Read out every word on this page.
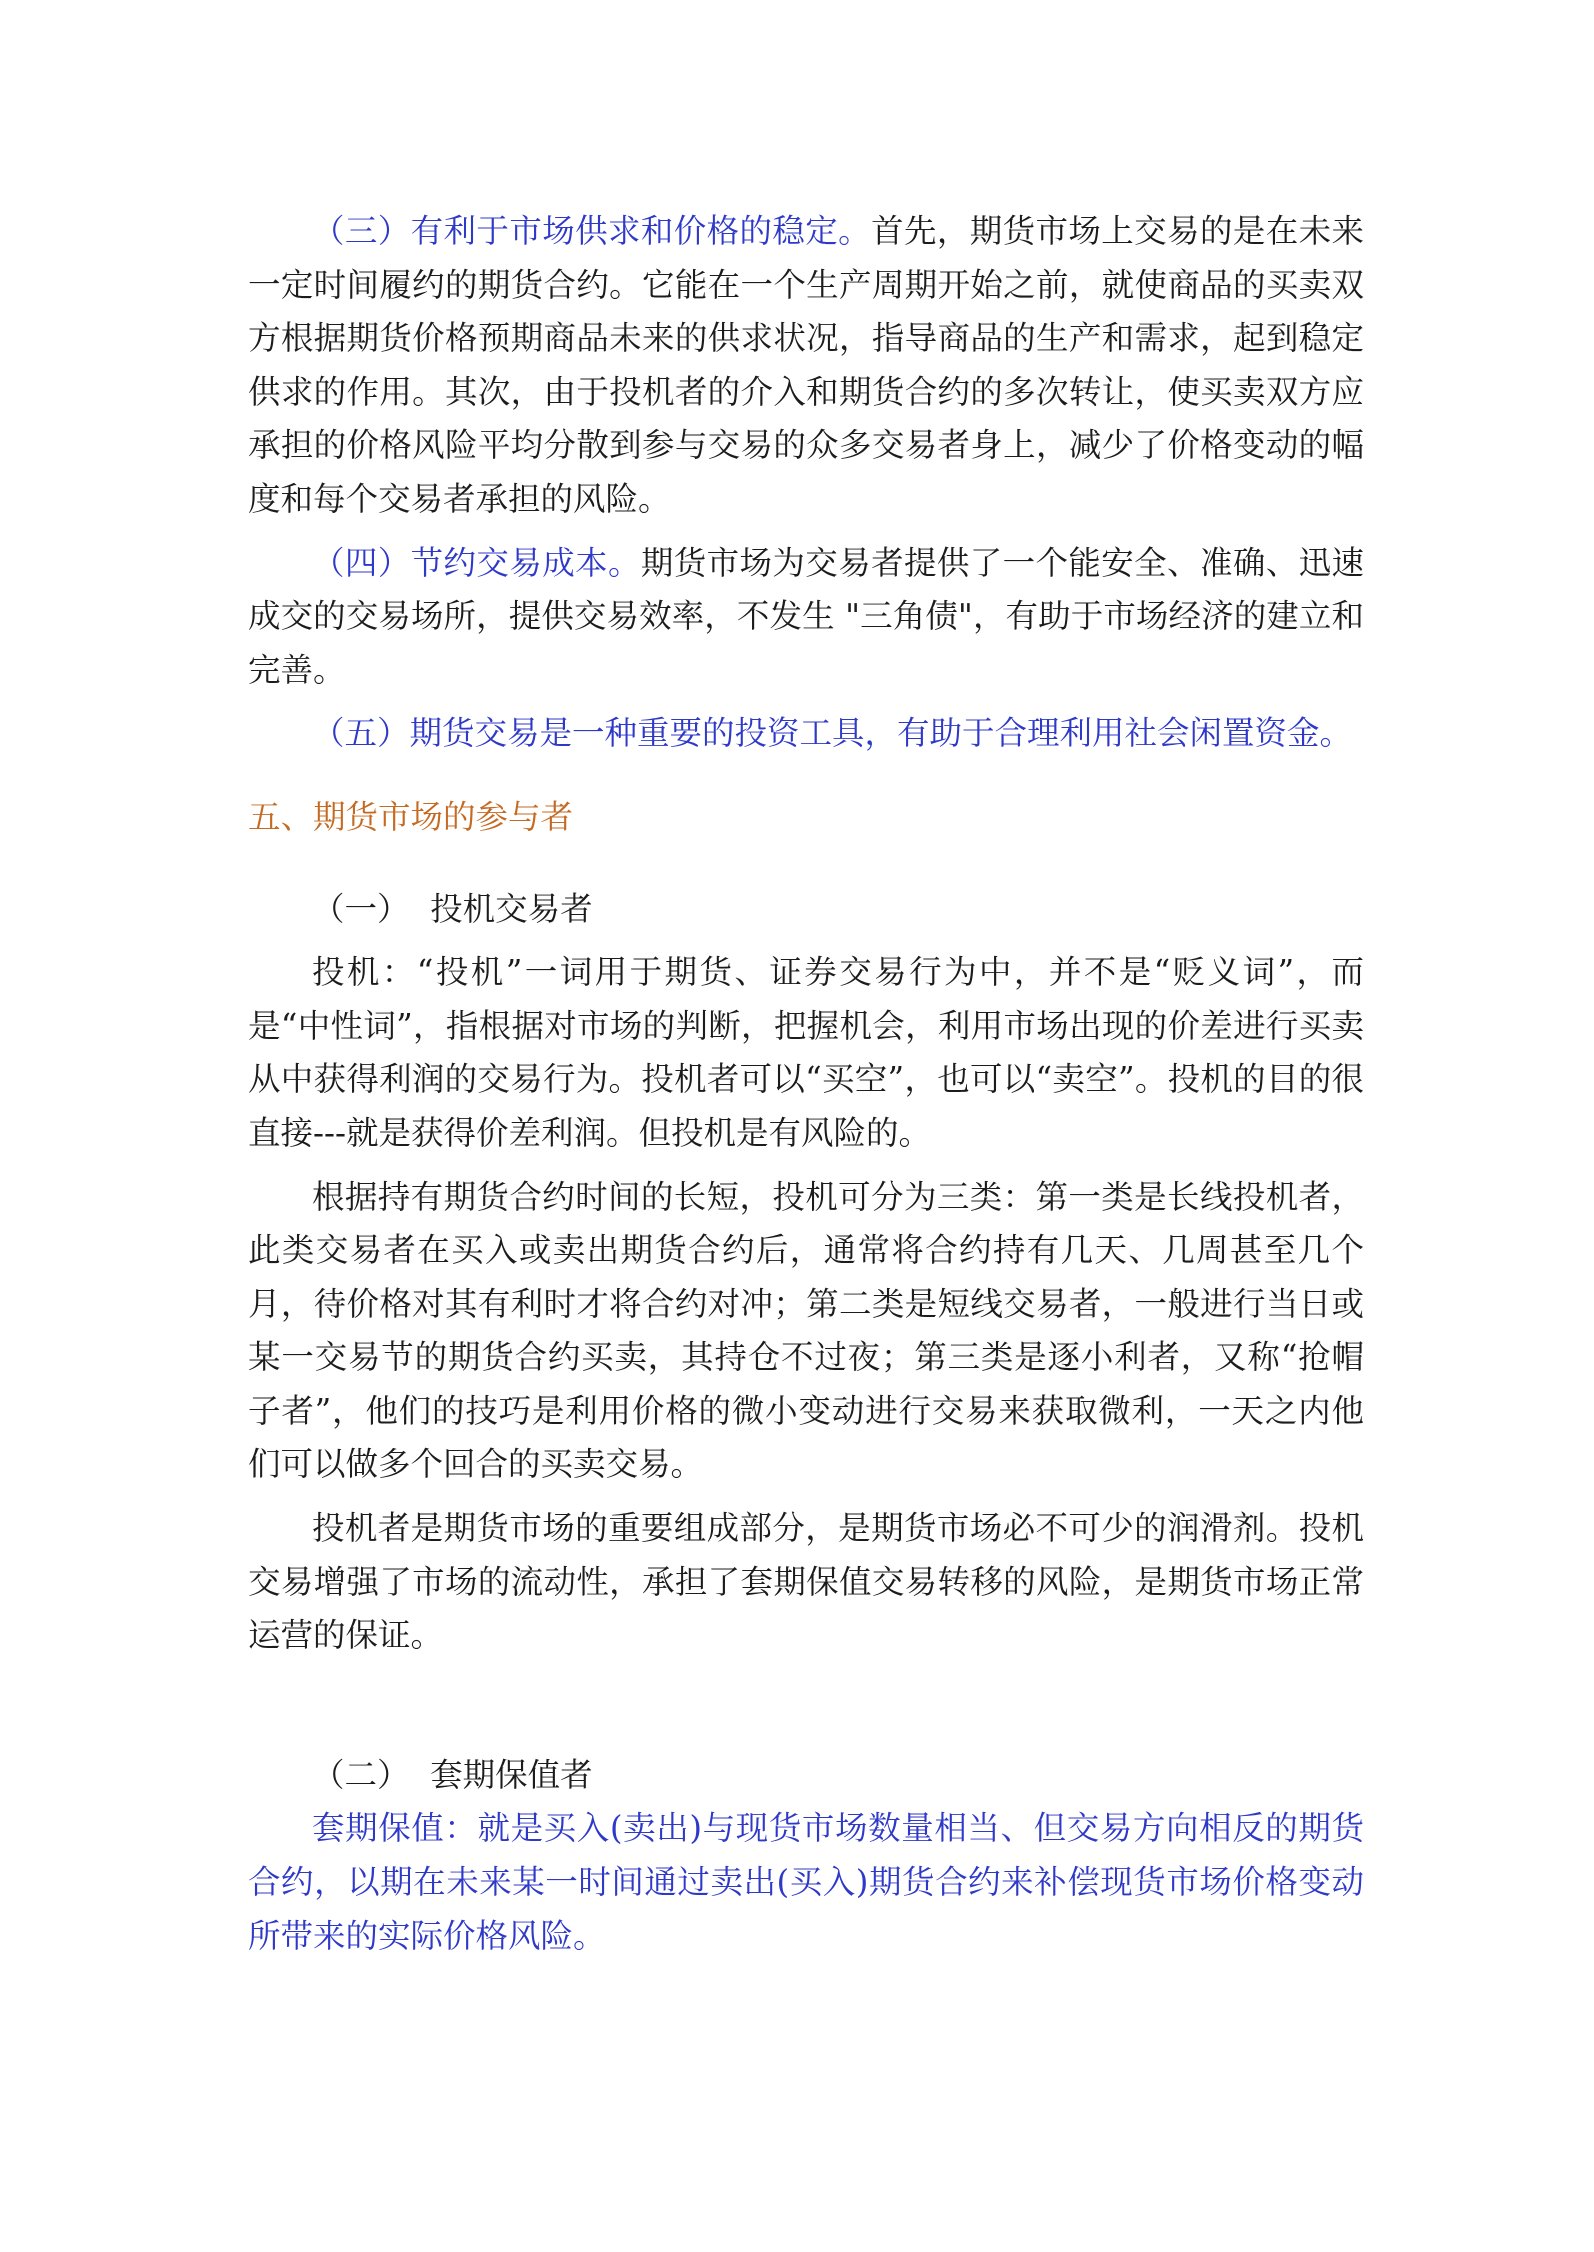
（三）有利于市场供求和价格的稳定。首先，期货市场上交易的是在未来一定时间履约的期货合约。它能在一个生产周期开始之前，就使商品的买卖双方根据期货价格预期商品未来的供求状况，指导商品的生产和需求，起到稳定供求的作用。其次，由于投机者的介入和期货合约的多次转让，使买卖双方应承担的价格风险平均分散到参与交易的众多交易者身上，减少了价格变动的幅度和每个交易者承担的风险。

（四）节约交易成本。期货市场为交易者提供了一个能安全、准确、迅速成交的交易场所，提供交易效率，不发生 "三角债"，有助于市场经济的建立和完善。

（五）期货交易是一种重要的投资工具，有助于合理利用社会闲置资金。

五、期货市场的参与者

（一）  投机交易者

投机：“投机”一词用于期货、证券交易行为中，并不是“贬义词”，而是“中性词”，指根据对市场的判断，把握机会，利用市场出现的价差进行买卖从中获得利润的交易行为。投机者可以“买空”，也可以“卖空”。投机的目的很直接---就是获得价差利润。但投机是有风险的。

根据持有期货合约时间的长短，投机可分为三类：第一类是长线投机者，此类交易者在买入或卖出期货合约后，通常将合约持有几天、几周甚至几个月，待价格对其有利时才将合约对冲；第二类是短线交易者，一般进行当日或某一交易节的期货合约买卖，其持仓不过夜；第三类是逐小利者，又称“抢帽子者”，他们的技巧是利用价格的微小变动进行交易来获取微利，一天之内他们可以做多个回合的买卖交易。

投机者是期货市场的重要组成部分，是期货市场必不可少的润滑剂。投机交易增强了市场的流动性，承担了套期保值交易转移的风险，是期货市场正常运营的保证。

（二）  套期保值者

套期保值：就是买入(卖出)与现货市场数量相当、但交易方向相反的期货合约，以期在未来某一时间通过卖出(买入)期货合约来补偿现货市场价格变动所带来的实际价格风险。
